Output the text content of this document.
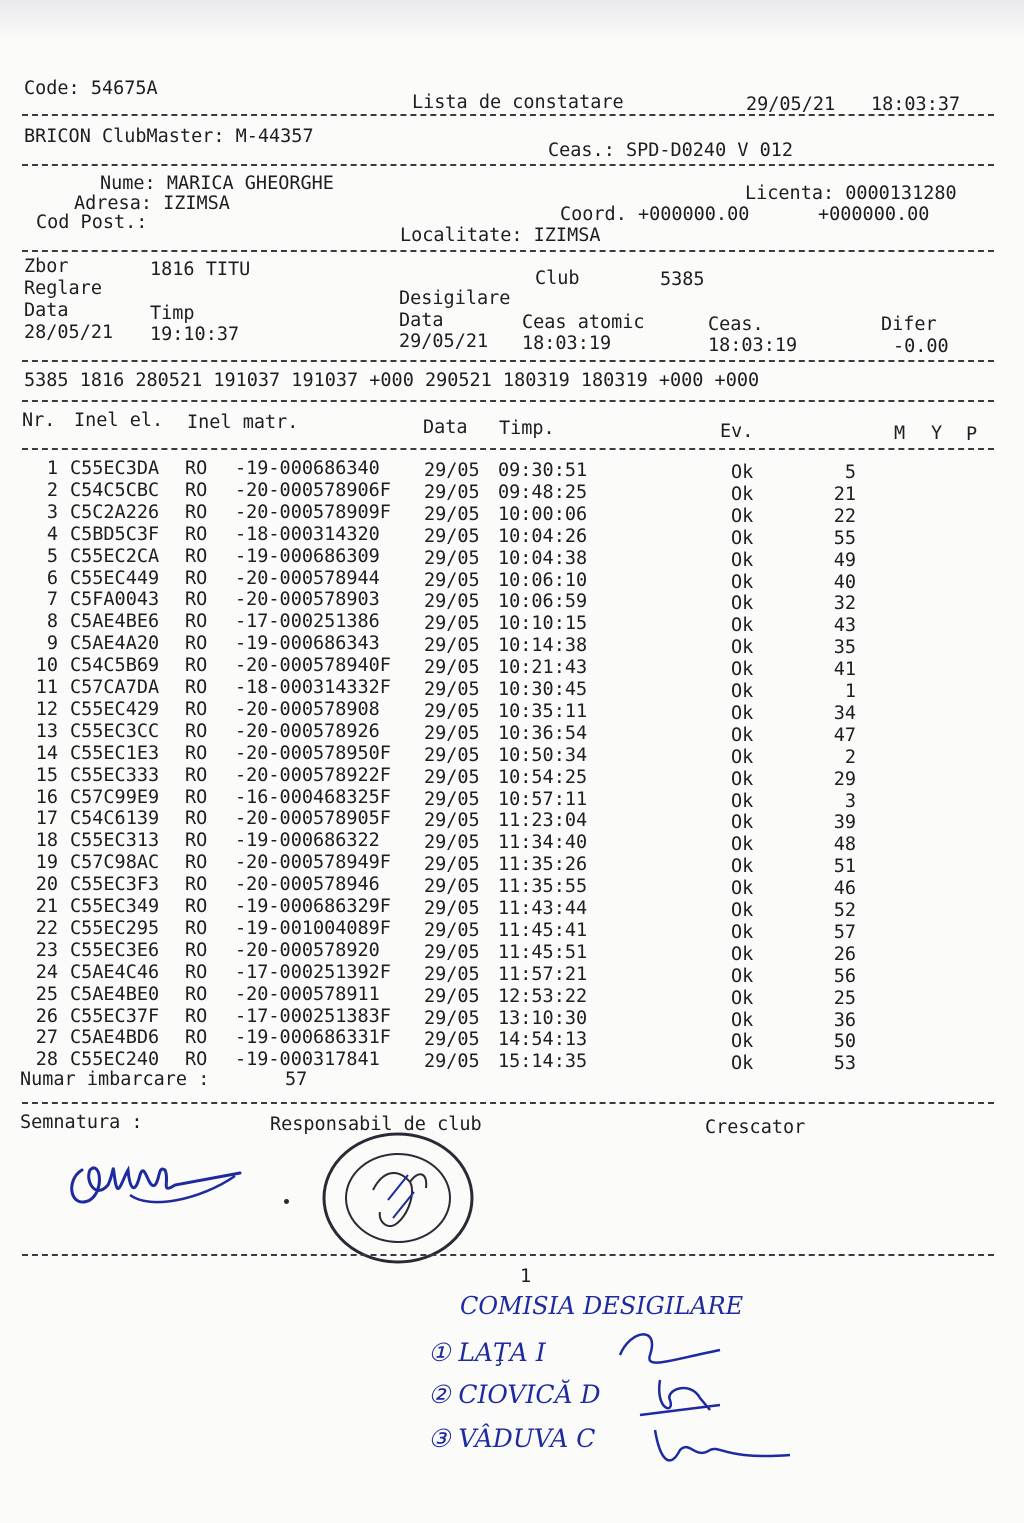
Code: 54675A
Lista de constatare	29/05/21 18:03:37
BRICON ClubMaster: M-44357
Ceas.: SPD-D0240 V 012
Nume: MARICA GHEORGHE
Adresa: IZIMSA
Cod Post.:
Licenta: 0000131280
Coord. +000000.00	+000000.00
Localitate: IZIMSA
Zbor	1816 TITU	Club	5385
Reglare	Desigilare
Data	Timp
28/05/21 19:10:37
Data	Ceas atomic	Ceas.	Difer
29/05/21 18:03:19	18:03:19	-0.00
5385 1816 280521 191037 191037 +000 290521 180319 180319 +000 +000
Nr. Inel el. Inel matr.	Data Timp.	Ev.	M Y P
1 C55EC3DA RO -19-000686340 29/05 09:30:51	Ok	5
2 C54C5CBC RO -20-000578906F 29/05 09:48:25	Ok	21
3 C5C2A226 RO -20-000578909F 29/05 10:00:06	Ok	22
4 C5BD5C3F RO -18-000314320 29/05 10:04:26	Ok	55
5 C55EC2CA RO -19-000686309 29/05 10:04:38	Ok	49
6 C55EC449 RO -20-000578944 29/05 10:06:10	Ok	40
7 C5FA0043 RO -20-000578903 29/05 10:06:59	Ok	32
8 C5AE4BE6 RO -17-000251386 29/05 10:10:15	Ok	43
9 C5AE4A20 RO -19-000686343 29/05 10:14:38	Ok	35
10 C54C5B69 RO -20-000578940F 29/05 10:21:43	Ok	41
11 C57CA7DA RO -18-000314332F 29/05 10:30:45	Ok	1
12 C55EC429 RO -20-000578908 29/05 10:35:11	Ok	34
13 C55EC3CC RO -20-000578926 29/05 10:36:54	Ok	47
14 C55EC1E3 RO -20-000578950F 29/05 10:50:34	Ok	2
15 C55EC333 RO -20-000578922F 29/05 10:54:25	Ok	29
16 C57C99E9 RO -16-000468325F 29/05 10:57:11	Ok	3
17 C54C6139 RO -20-000578905F 29/05 11:23:04	Ok	39
18 C55EC313 RO -19-000686322 29/05 11:34:40	Ok	48
19 C57C98AC RO -20-000578949F 29/05 11:35:26	Ok	51
20 C55EC3F3 RO -20-000578946 29/05 11:35:55	Ok	46
21 C55EC349 RO -19-000686329F 29/05 11:43:44	Ok	52
22 C55EC295 RO -19-001004089F 29/05 11:45:41	Ok	57
23 C55EC3E6 RO -20-000578920 29/05 11:45:51	Ok	26
24 C5AE4C46 RO -17-000251392F 29/05 11:57:21	Ok	56
25 C5AE4BE0 RO -20-000578911 29/05 12:53:22	Ok	25
26 C55EC37F RO -17-000251383F 29/05 13:10:30	Ok	36
27 C5AE4BD6 RO -19-000686331F 29/05 14:54:13	Ok	50
28 C55EC240 RO -19-000317841 29/05 15:14:35	Ok	53
Numar imbarcare :	57
Semnatura :	Responsabil de club	Crescator
1
COMISIA DESIGILARE
① LAŢA I
② CIOVICĂ D
③ VÂDUVA C
